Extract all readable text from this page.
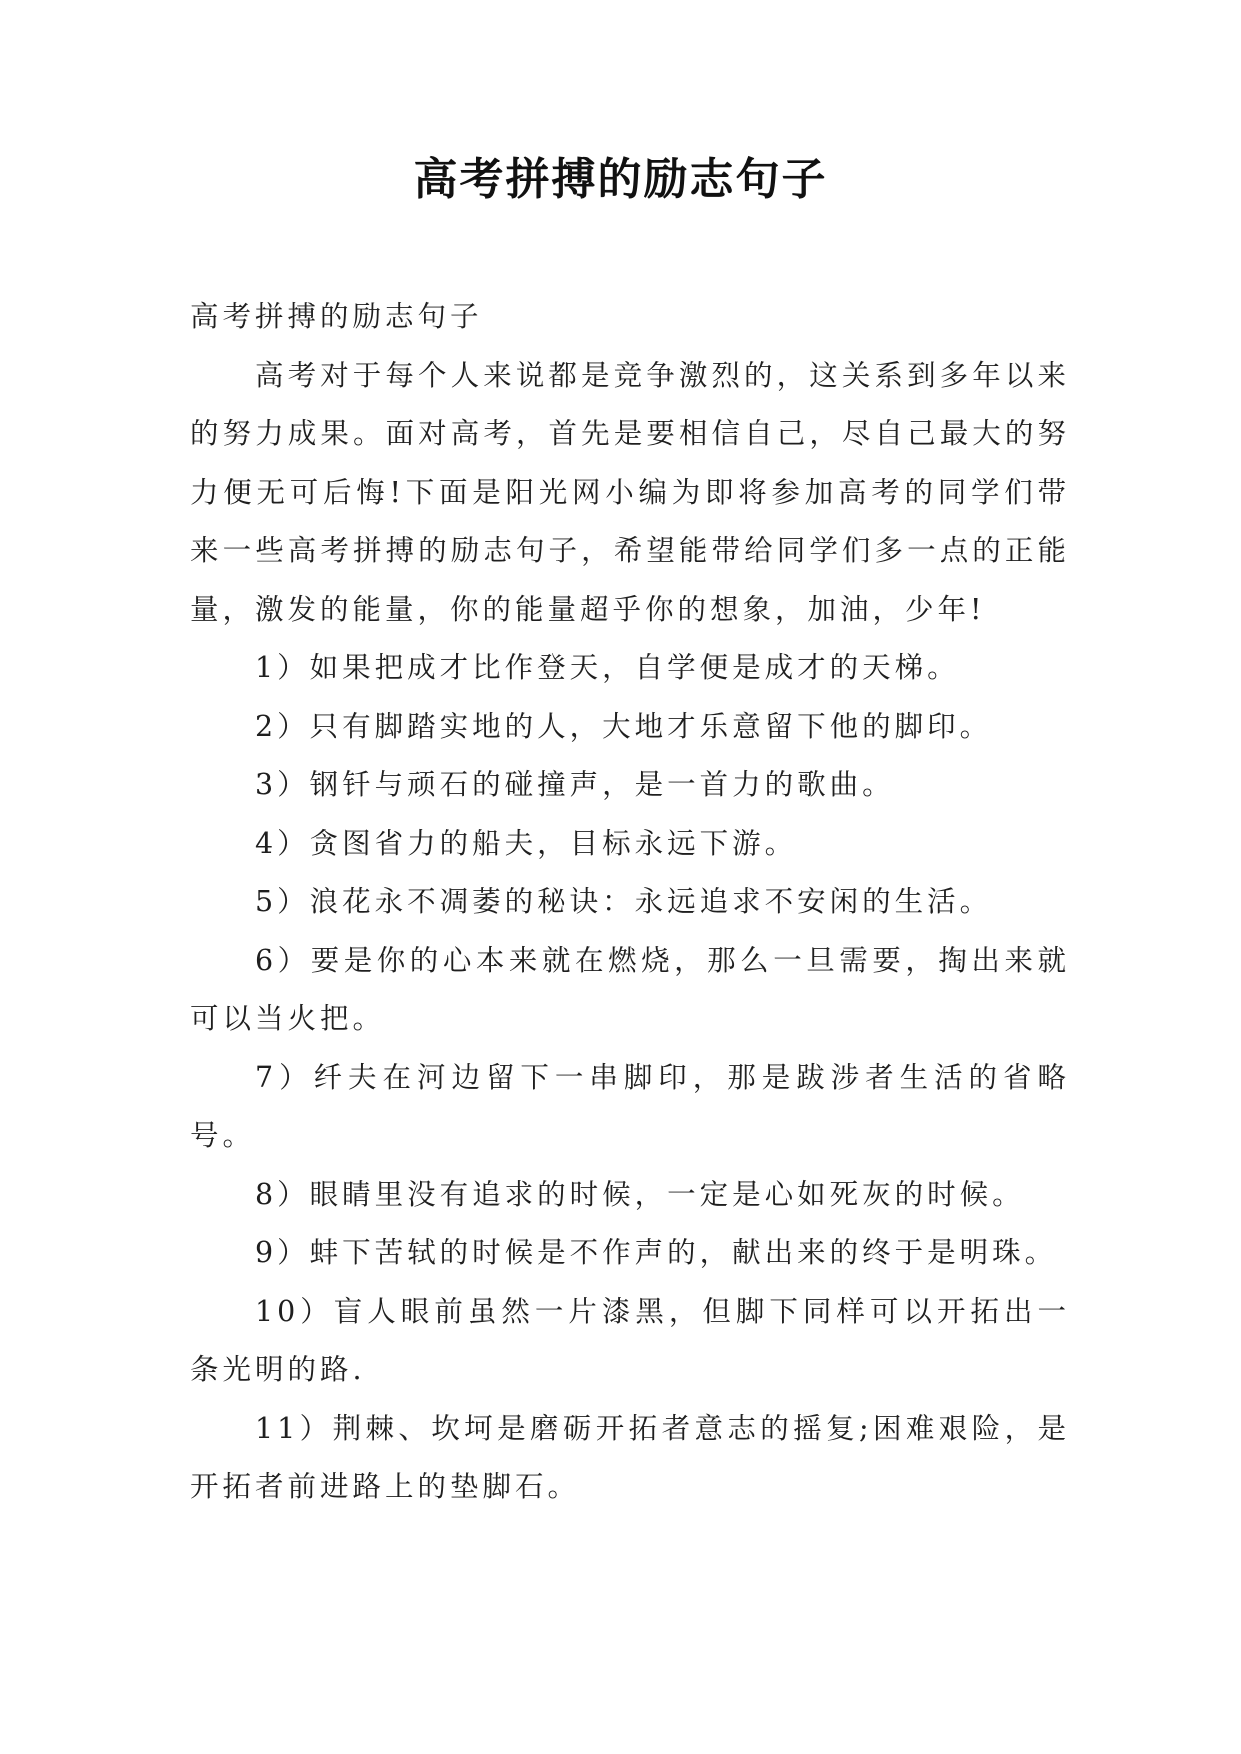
高考拼搏的励志句子

高考拼搏的励志句子

高考对于每个人来说都是竞争激烈的，这关系到多年以来的努力成果。面对高考，首先是要相信自己，尽自己最大的努力便无可后悔!下面是阳光网小编为即将参加高考的同学们带来一些高考拼搏的励志句子，希望能带给同学们多一点的正能量，激发的能量，你的能量超乎你的想象，加油，少年!

1）如果把成才比作登天，自学便是成才的天梯。

2）只有脚踏实地的人，大地才乐意留下他的脚印。

3）钢钎与顽石的碰撞声，是一首力的歌曲。

4）贪图省力的船夫，目标永远下游。

5）浪花永不凋萎的秘诀：永远追求不安闲的生活。

6）要是你的心本来就在燃烧，那么一旦需要，掏出来就可以当火把。

7）纤夫在河边留下一串脚印，那是跋涉者生活的省略号。

8）眼睛里没有追求的时候，一定是心如死灰的时候。

9）蚌下苦轼的时候是不作声的，献出来的终于是明珠。

10）盲人眼前虽然一片漆黑，但脚下同样可以开拓出一条光明的路.

11）荆棘、坎坷是磨砺开拓者意志的摇复;困难艰险，是开拓者前进路上的垫脚石。
